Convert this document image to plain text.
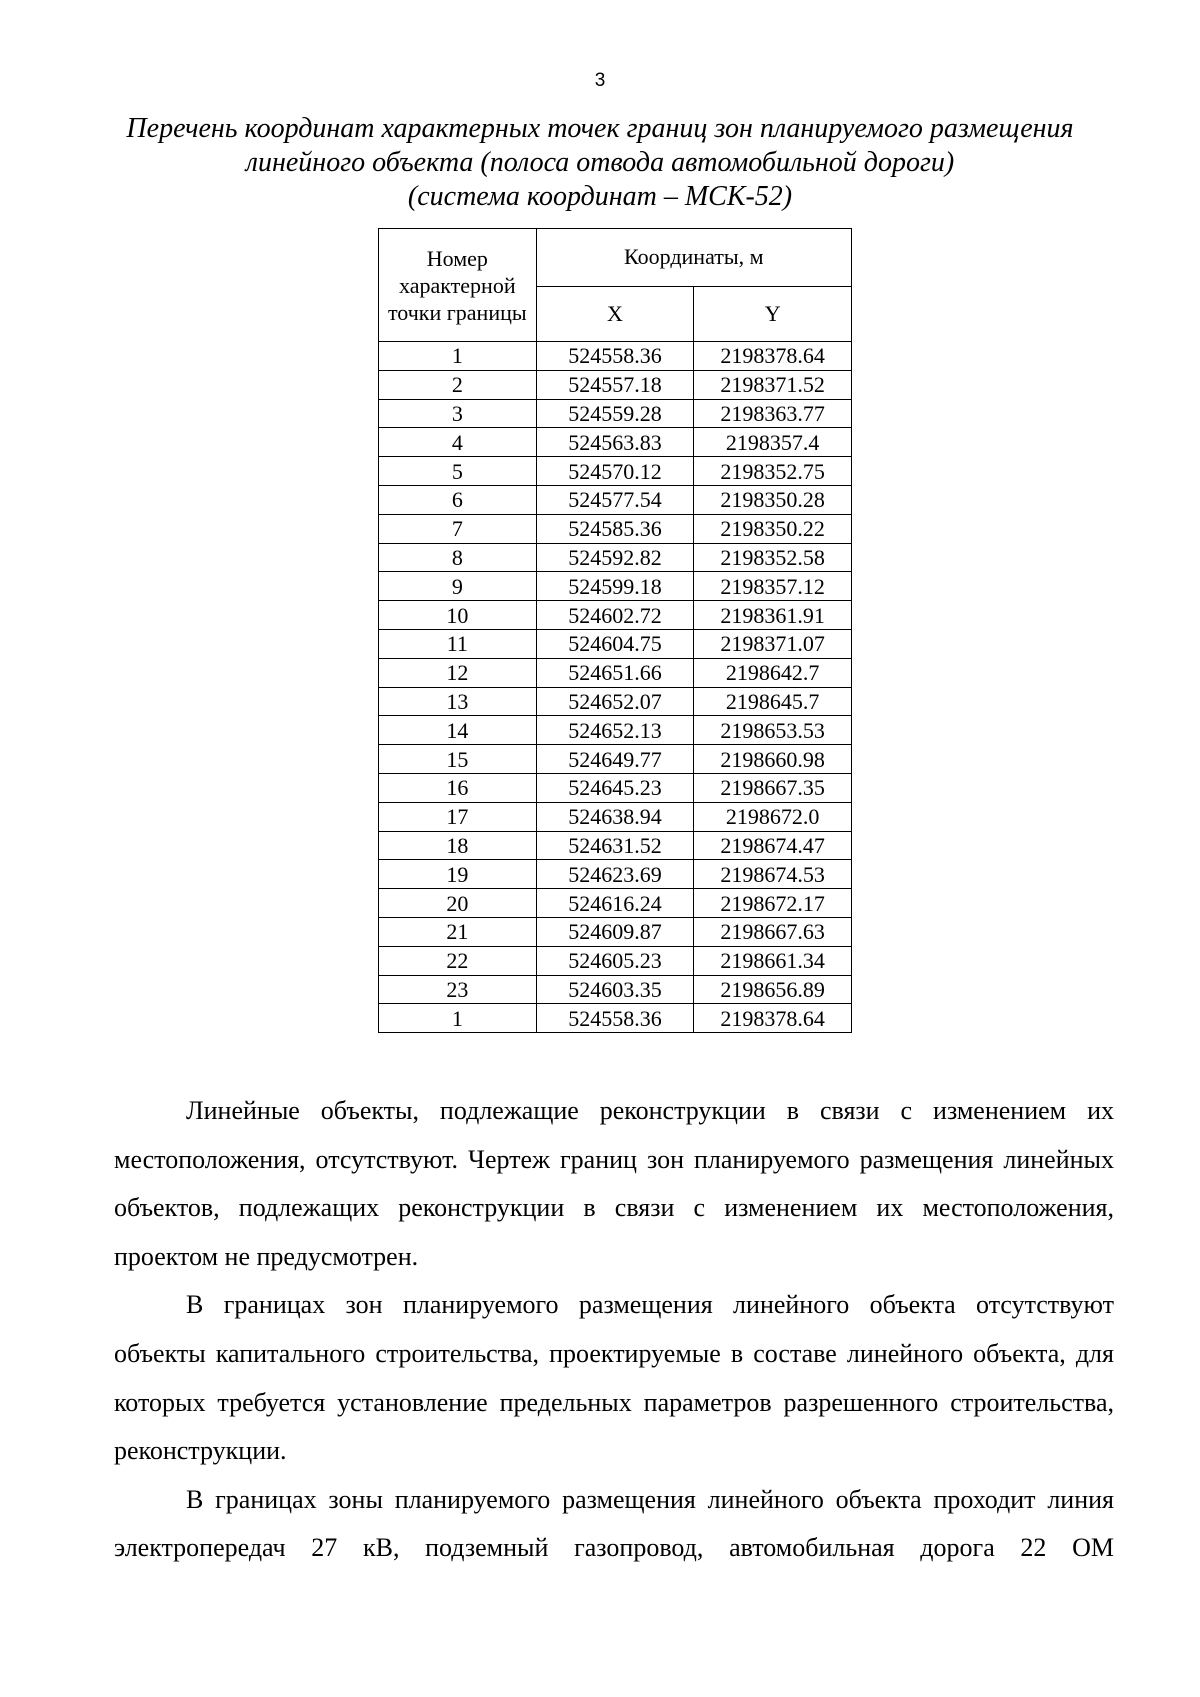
3
Перечень координат характерных точек границ зон планируемого размещения
линейного объекта (полоса отвода автомобильной дороги)
(система координат – МСК-52)
Номер характерной точки границы	Координаты, м	
	X	Y
1	524558.36	2198378.64
2	524557.18	2198371.52
3	524559.28	2198363.77
4	524563.83	2198357.4
5	524570.12	2198352.75
6	524577.54	2198350.28
7	524585.36	2198350.22
8	524592.82	2198352.58
9	524599.18	2198357.12
10	524602.72	2198361.91
11	524604.75	2198371.07
12	524651.66	2198642.7
13	524652.07	2198645.7
14	524652.13	2198653.53
15	524649.77	2198660.98
16	524645.23	2198667.35
17	524638.94	2198672.0
18	524631.52	2198674.47
19	524623.69	2198674.53
20	524616.24	2198672.17
21	524609.87	2198667.63
22	524605.23	2198661.34
23	524603.35	2198656.89
1	524558.36	2198378.64

Линейные объекты, подлежащие реконструкции в связи с изменением их местоположения, отсутствуют. Чертеж границ зон планируемого размещения линейных объектов, подлежащих реконструкции в связи с изменением их местоположения, проектом не предусмотрен.

В границах зон планируемого размещения линейного объекта отсутствуют объекты капитального строительства, проектируемые в составе линейного объекта, для которых требуется установление предельных параметров разрешенного строительства, реконструкции.

В границах зоны планируемого размещения линейного объекта проходит линия электропередач 27 кВ, подземный газопровод, автомобильная дорога 22 ОМ
